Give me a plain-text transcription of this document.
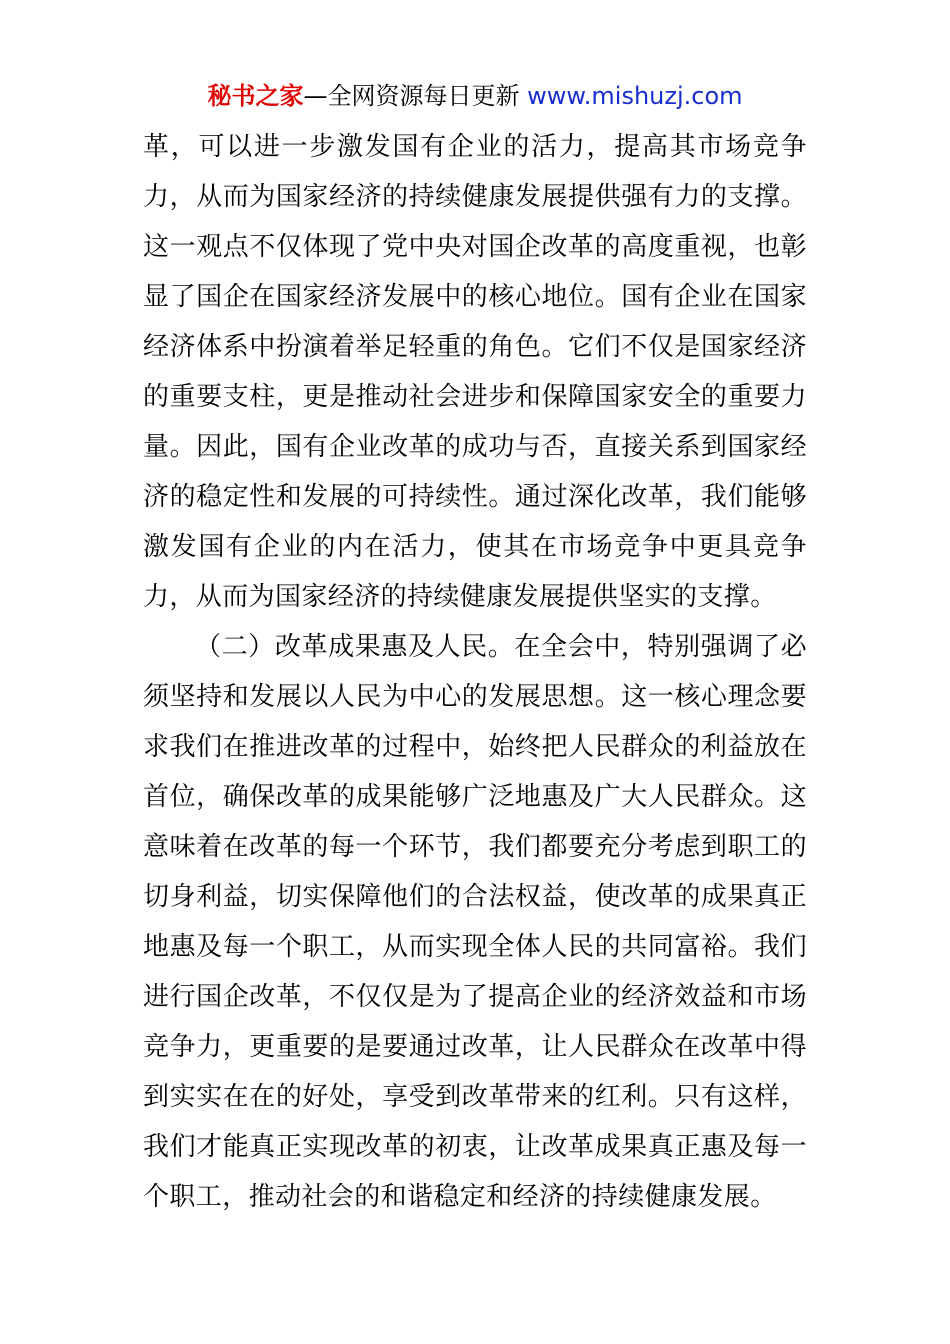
秘书之家—全网资源每日更新 www.mishuzj.com
革，可以进一步激发国有企业的活力，提高其市场竞争
力，从而为国家经济的持续健康发展提供强有力的支撑。
这一观点不仅体现了党中央对国企改革的高度重视，也彰
显了国企在国家经济发展中的核心地位。国有企业在国家
经济体系中扮演着举足轻重的角色。它们不仅是国家经济
的重要支柱，更是推动社会进步和保障国家安全的重要力
量。因此，国有企业改革的成功与否，直接关系到国家经
济的稳定性和发展的可持续性。通过深化改革，我们能够
激发国有企业的内在活力，使其在市场竞争中更具竞争
力，从而为国家经济的持续健康发展提供坚实的支撑。
（二）改革成果惠及人民。在全会中，特别强调了必
须坚持和发展以人民为中心的发展思想。这一核心理念要
求我们在推进改革的过程中，始终把人民群众的利益放在
首位，确保改革的成果能够广泛地惠及广大人民群众。这
意味着在改革的每一个环节，我们都要充分考虑到职工的
切身利益，切实保障他们的合法权益，使改革的成果真正
地惠及每一个职工，从而实现全体人民的共同富裕。我们
进行国企改革，不仅仅是为了提高企业的经济效益和市场
竞争力，更重要的是要通过改革，让人民群众在改革中得
到实实在在的好处，享受到改革带来的红利。只有这样，
我们才能真正实现改革的初衷，让改革成果真正惠及每一
个职工，推动社会的和谐稳定和经济的持续健康发展。
